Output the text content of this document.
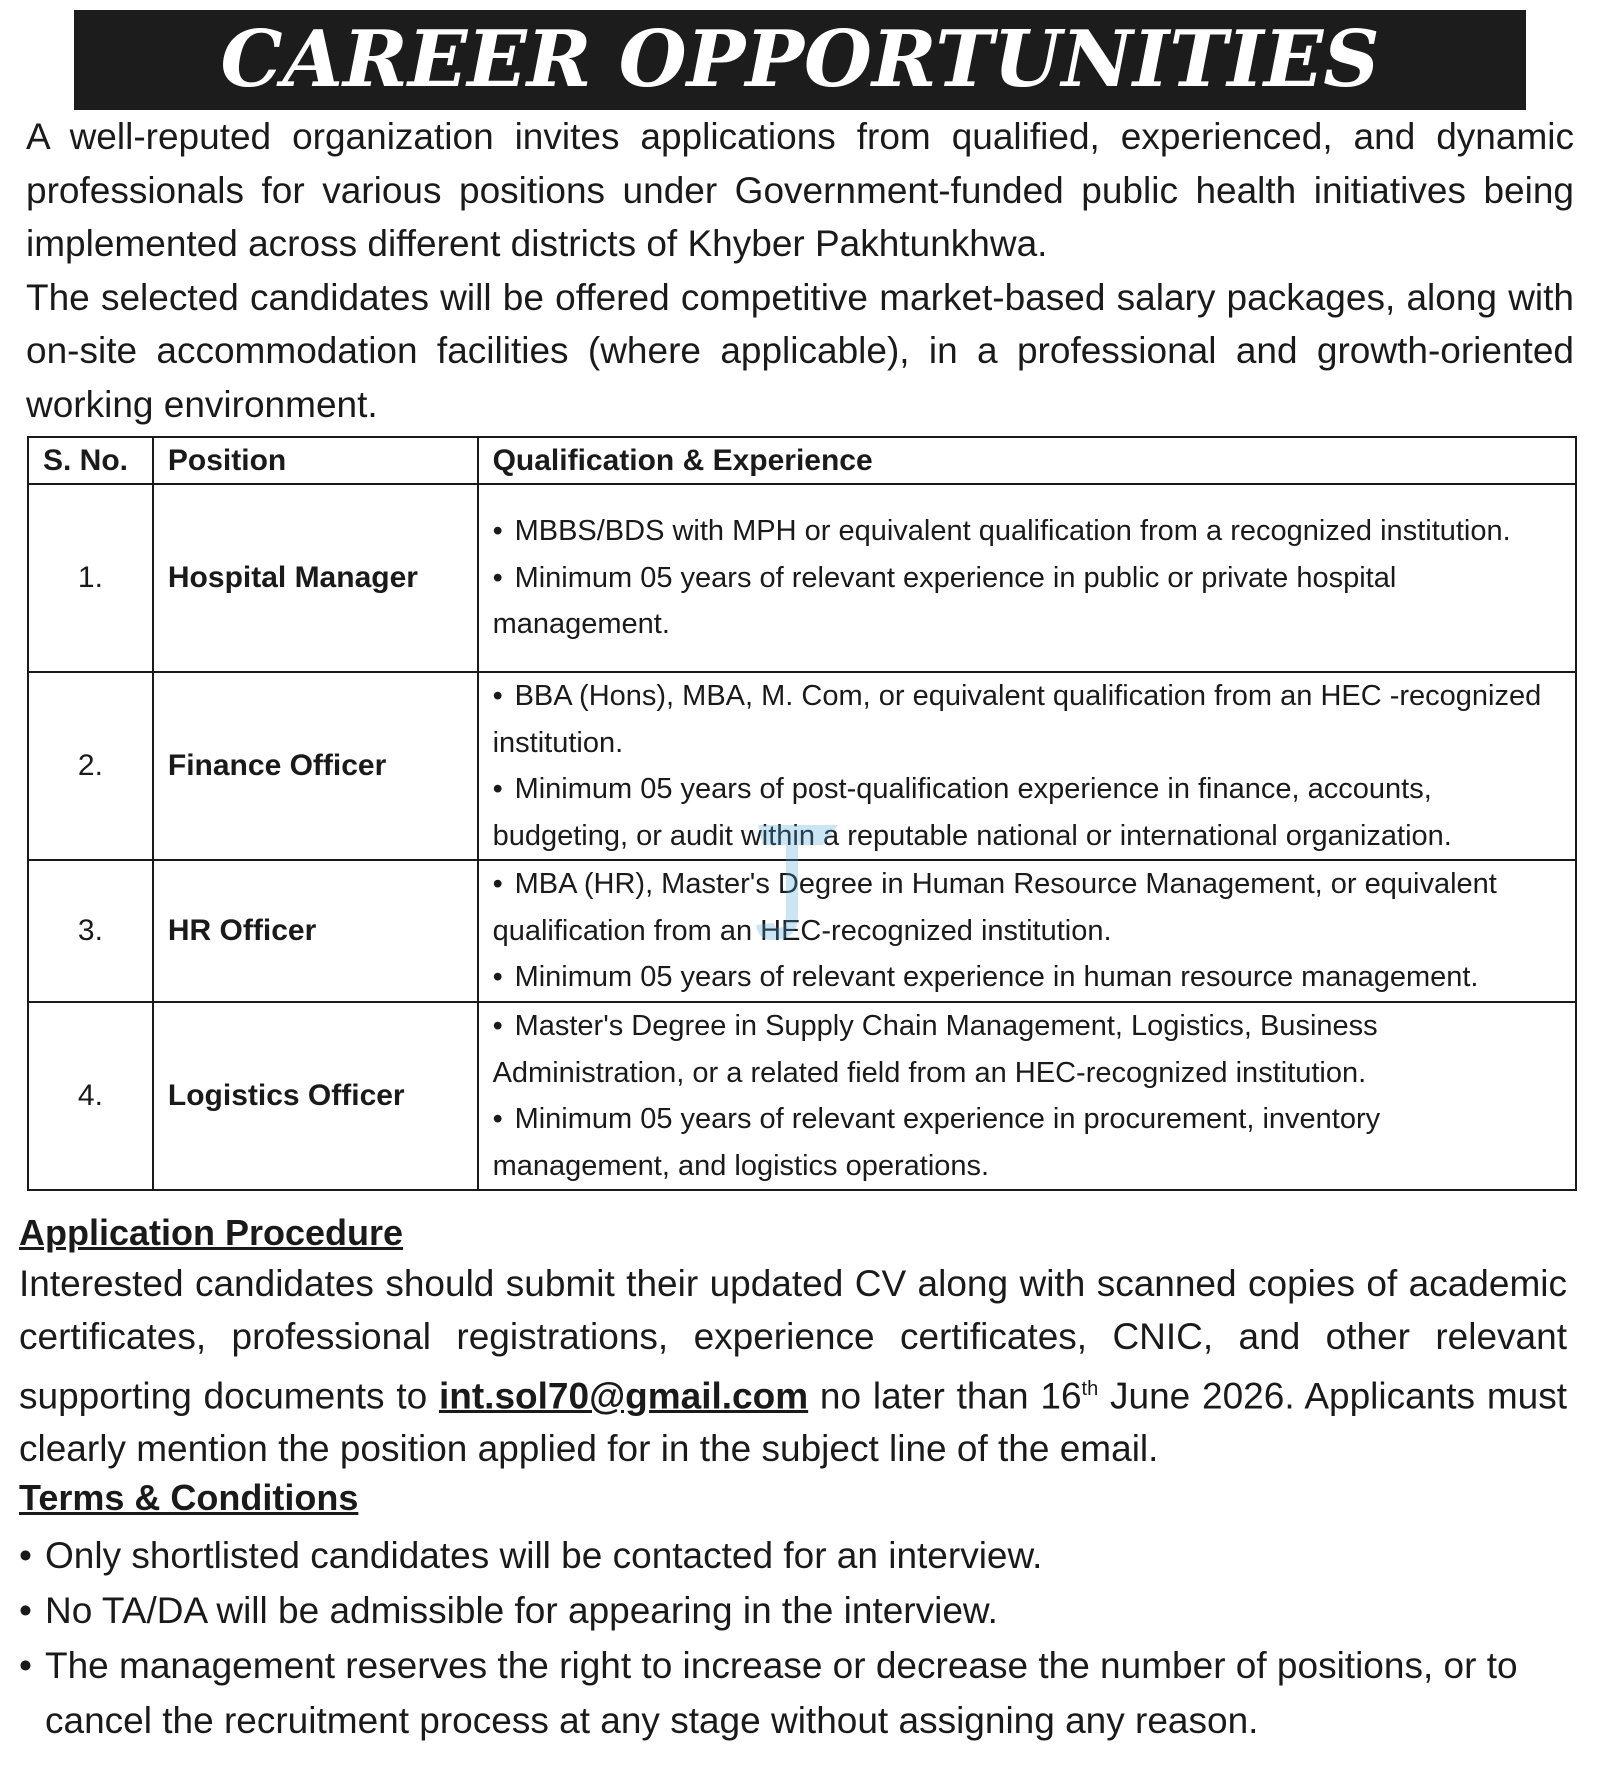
CAREER OPPORTUNITIES

A well-reputed organization invites applications from qualified, experienced, and dynamic professionals for various positions under Government-funded public health initiatives being implemented across different districts of Khyber Pakhtunkhwa.

The selected candidates will be offered competitive market-based salary packages, along with on-site accommodation facilities (where applicable), in a professional and growth-oriented working environment.

S. No.	Position	Qualification & Experience
1.	Hospital Manager	• MBBS/BDS with MPH or equivalent qualification from a recognized institution.
• Minimum 05 years of relevant experience in public or private hospital management.

2.	Finance Officer	• BBA (Hons), MBA, M. Com, or equivalent qualification from an HEC -recognized institution.
• Minimum 05 years of post-qualification experience in finance, accounts, budgeting, or audit within a reputable national or international organization.

3.	HR Officer	• MBA (HR), Master's Degree in Human Resource Management, or equivalent qualification from an HEC-recognized institution.
• Minimum 05 years of relevant experience in human resource management.

4.	Logistics Officer	• Master's Degree in Supply Chain Management, Logistics, Business Administration, or a related field from an HEC-recognized institution.
• Minimum 05 years of relevant experience in procurement, inventory management, and logistics operations.
Application Procedure

Interested candidates should submit their updated CV along with scanned copies of academic certificates, professional registrations, experience certificates, CNIC, and other relevant supporting documents to int.sol70@gmail.com no later than 16th June 2026. Applicants must clearly mention the position applied for in the subject line of the email.

Terms & Conditions
• Only shortlisted candidates will be contacted for an interview.
• No TA/DA will be admissible for appearing in the interview.
• The management reserves the right to increase or decrease the number of positions, or to cancel the recruitment process at any stage without assigning any reason.
